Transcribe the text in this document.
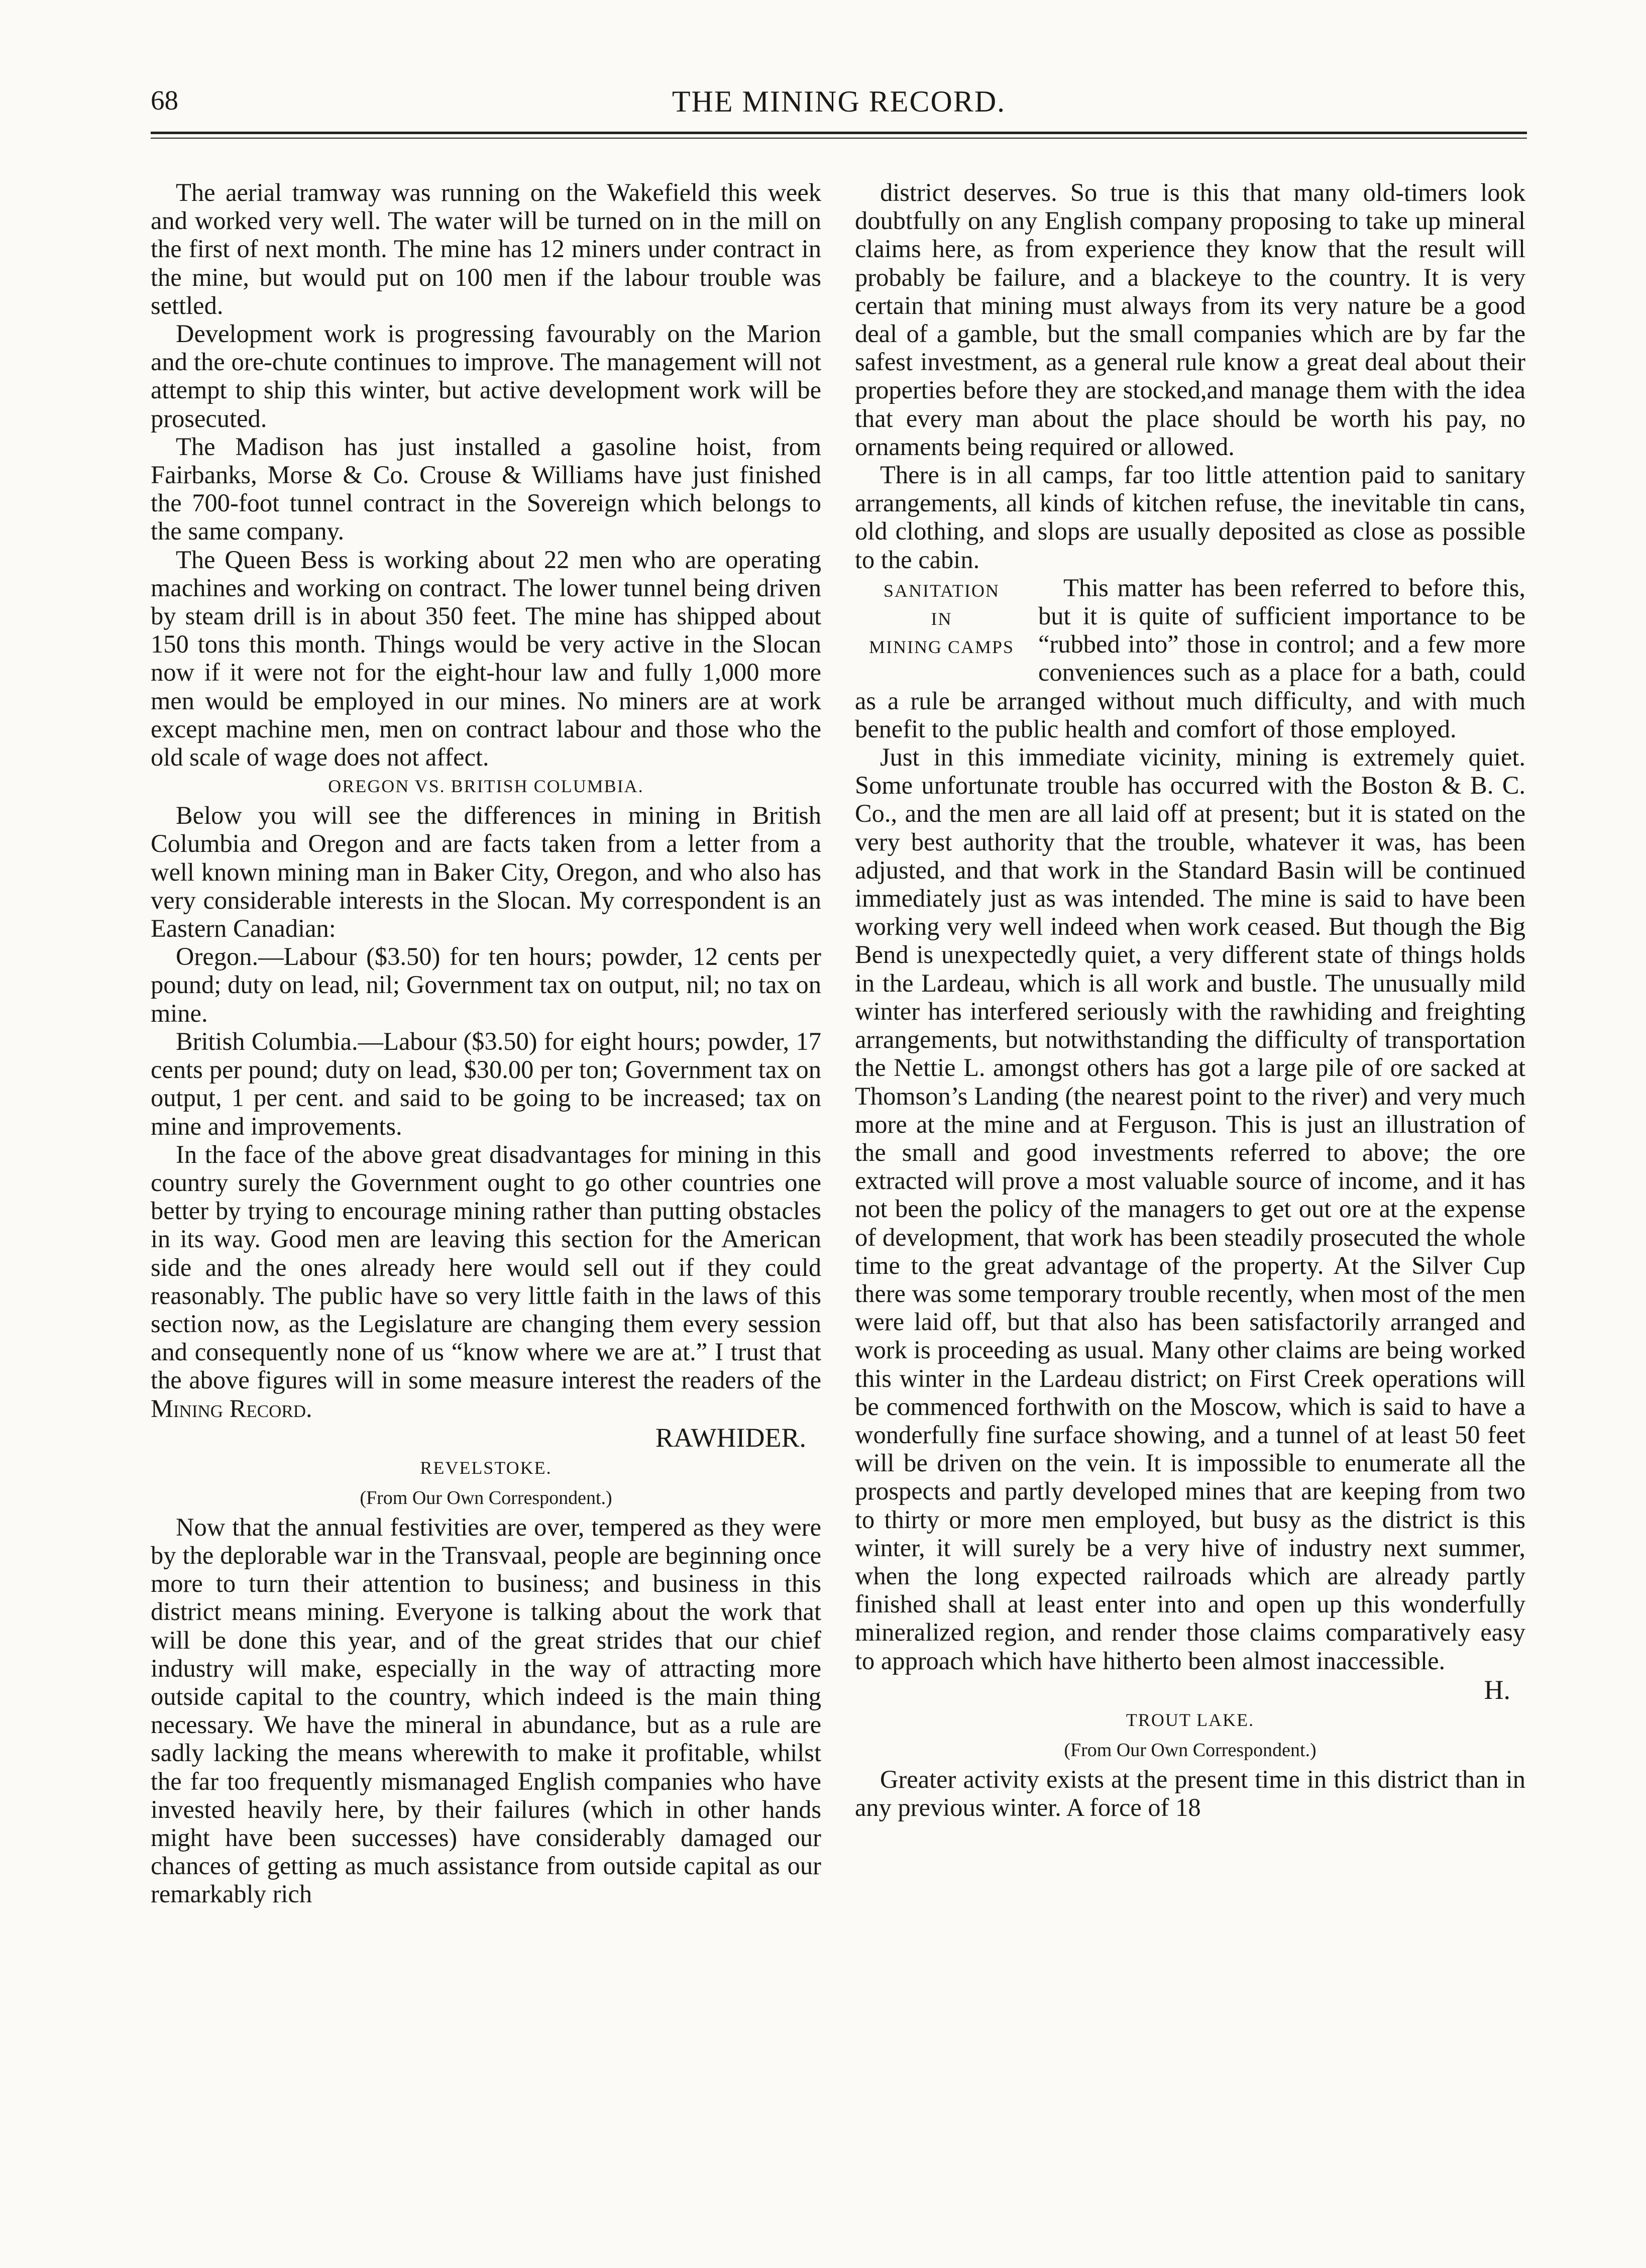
68	THE MINING RECORD.

The aerial tramway was running on the Wakefield this week and worked very well. The water will be turned on in the mill on the first of next month. The mine has 12 miners under contract in the mine, but would put on 100 men if the labour trouble was settled.

Development work is progressing favourably on the Marion and the ore-chute continues to improve. The management will not attempt to ship this winter, but active development work will be prosecuted.

The Madison has just installed a gasoline hoist, from Fairbanks, Morse & Co. Crouse & Williams have just finished the 700-foot tunnel contract in the Sovereign which belongs to the same company.

The Queen Bess is working about 22 men who are operating machines and working on contract. The lower tunnel being driven by steam drill is in about 350 feet. The mine has shipped about 150 tons this month. Things would be very active in the Slocan now if it were not for the eight-hour law and fully 1,000 more men would be employed in our mines. No miners are at work except machine men, men on contract labour and those who the old scale of wage does not affect.

OREGON VS. BRITISH COLUMBIA.

Below you will see the differences in mining in British Columbia and Oregon and are facts taken from a letter from a well known mining man in Baker City, Oregon, and who also has very considerable interests in the Slocan. My correspondent is an Eastern Canadian:

Oregon.—Labour ($3.50) for ten hours; powder, 12 cents per pound; duty on lead, nil; Government tax on output, nil; no tax on mine.

British Columbia.—Labour ($3.50) for eight hours; powder, 17 cents per pound; duty on lead, $30.00 per ton; Government tax on output, 1 per cent. and said to be going to be increased; tax on mine and improvements.

In the face of the above great disadvantages for mining in this country surely the Government ought to go other countries one better by trying to encourage mining rather than putting obstacles in its way. Good men are leaving this section for the American side and the ones already here would sell out if they could reasonably. The public have so very little faith in the laws of this section now, as the Legislature are changing them every session and consequently none of us “know where we are at.” I trust that the above figures will in some measure interest the readers of the Mining Record.

RAWHIDER.
REVELSTOKE.
(From Our Own Correspondent.)

Now that the annual festivities are over, tempered as they were by the deplorable war in the Transvaal, people are beginning once more to turn their attention to business; and business in this district means mining. Everyone is talking about the work that will be done this year, and of the great strides that our chief industry will make, especially in the way of attracting more outside capital to the country, which indeed is the main thing necessary. We have the mineral in abundance, but as a rule are sadly lacking the means wherewith to make it profitable, whilst the far too frequently mismanaged English companies who have invested heavily here, by their failures (which in other hands might have been successes) have considerably damaged our chances of getting as much assistance from outside capital as our remarkably rich

district deserves. So true is this that many old-timers look doubtfully on any English company proposing to take up mineral claims here, as from experience they know that the result will probably be failure, and a blackeye to the country. It is very certain that mining must always from its very nature be a good deal of a gamble, but the small companies which are by far the safest investment, as a general rule know a great deal about their properties before they are stocked,and manage them with the idea that every man about the place should be worth his pay, no ornaments being required or allowed.

There is in all camps, far too little attention paid to sanitary arrangements, all kinds of kitchen refuse, the inevitable tin cans, old clothing, and slops are usually deposited as close as possible to the cabin.

SANITATION
IN
MINING CAMPS

This matter has been referred to before this, but it is quite of sufficient importance to be “rubbed into” those in control; and a few more conveniences such as a place for a bath, could as a rule be arranged without much difficulty, and with much benefit to the public health and comfort of those employed.

Just in this immediate vicinity, mining is extremely quiet. Some unfortunate trouble has occurred with the Boston & B. C. Co., and the men are all laid off at present; but it is stated on the very best authority that the trouble, whatever it was, has been adjusted, and that work in the Standard Basin will be continued immediately just as was intended. The mine is said to have been working very well indeed when work ceased. But though the Big Bend is unexpectedly quiet, a very different state of things holds in the Lardeau, which is all work and bustle. The unusually mild winter has interfered seriously with the rawhiding and freighting arrangements, but notwithstanding the difficulty of transportation the Nettie L. amongst others has got a large pile of ore sacked at Thomson’s Landing (the nearest point to the river) and very much more at the mine and at Ferguson. This is just an illustration of the small and good investments referred to above; the ore extracted will prove a most valuable source of income, and it has not been the policy of the managers to get out ore at the expense of development, that work has been steadily prosecuted the whole time to the great advantage of the property. At the Silver Cup there was some temporary trouble recently, when most of the men were laid off, but that also has been satisfactorily arranged and work is proceeding as usual. Many other claims are being worked this winter in the Lardeau district; on First Creek operations will be commenced forthwith on the Moscow, which is said to have a wonderfully fine surface showing, and a tunnel of at least 50 feet will be driven on the vein. It is impossible to enumerate all the prospects and partly developed mines that are keeping from two to thirty or more men employed, but busy as the district is this winter, it will surely be a very hive of industry next summer, when the long expected railroads which are already partly finished shall at least enter into and open up this wonderfully mineralized region, and render those claims comparatively easy to approach which have hitherto been almost inaccessible.

H.
TROUT LAKE.
(From Our Own Correspondent.)

Greater activity exists at the present time in this district than in any previous winter. A force of 18
